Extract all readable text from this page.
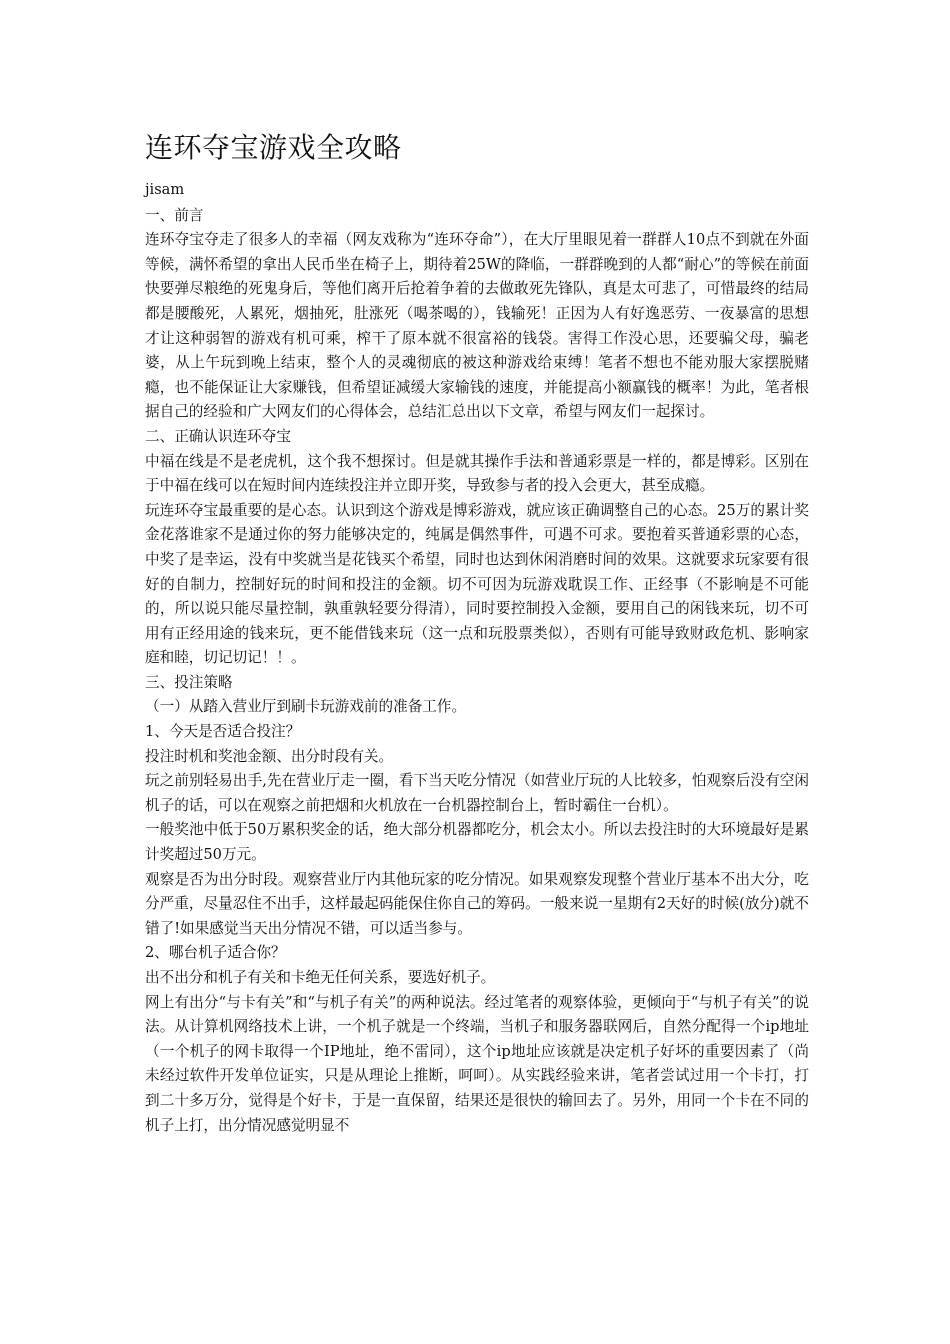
连环夺宝游戏全攻略

jisam

一、前言

连环夺宝夺走了很多人的幸福（网友戏称为“连环夺命”），在大厅里眼见着一群群人10点不到就在外面等候，满怀希望的拿出人民币坐在椅子上，期待着25W的降临，一群群晚到的人都“耐心”的等候在前面快要弹尽粮绝的死鬼身后，等他们离开后抢着争着的去做敢死先锋队，真是太可悲了，可惜最终的结局都是腰酸死，人累死，烟抽死，肚涨死（喝茶喝的），钱输死！正因为人有好逸恶劳、一夜暴富的思想才让这种弱智的游戏有机可乘，榨干了原本就不很富裕的钱袋。害得工作没心思，还要骗父母，骗老婆，从上午玩到晚上结束，整个人的灵魂彻底的被这种游戏给束缚！笔者不想也不能劝服大家摆脱赌瘾，也不能保证让大家赚钱，但希望证减缓大家输钱的速度，并能提高小额赢钱的概率！为此，笔者根据自己的经验和广大网友们的心得体会，总结汇总出以下文章，希望与网友们一起探讨。

二、正确认识连环夺宝

中福在线是不是老虎机，这个我不想探讨。但是就其操作手法和普通彩票是一样的，都是博彩。区别在于中福在线可以在短时间内连续投注并立即开奖，导致参与者的投入会更大，甚至成瘾。

玩连环夺宝最重要的是心态。认识到这个游戏是博彩游戏，就应该正确调整自己的心态。25万的累计奖金花落谁家不是通过你的努力能够决定的，纯属是偶然事件，可遇不可求。要抱着买普通彩票的心态，中奖了是幸运，没有中奖就当是花钱买个希望，同时也达到休闲消磨时间的效果。这就要求玩家要有很好的自制力，控制好玩的时间和投注的金额。切不可因为玩游戏耽误工作、正经事（不影响是不可能的，所以说只能尽量控制，孰重孰轻要分得清），同时要控制投入金额，要用自己的闲钱来玩，切不可用有正经用途的钱来玩，更不能借钱来玩（这一点和玩股票类似），否则有可能导致财政危机、影响家庭和睦，切记切记！！。

三、投注策略

（一）从踏入营业厅到刷卡玩游戏前的准备工作。

1、今天是否适合投注？

投注时机和奖池金额、出分时段有关。

玩之前别轻易出手,先在营业厅走一圈，看下当天吃分情况（如营业厅玩的人比较多，怕观察后没有空闲机子的话，可以在观察之前把烟和火机放在一台机器控制台上，暂时霸住一台机）。

一般奖池中低于50万累积奖金的话，绝大部分机器都吃分，机会太小。所以去投注时的大环境最好是累计奖超过50万元。

观察是否为出分时段。观察营业厅内其他玩家的吃分情况。如果观察发现整个营业厅基本不出大分，吃分严重，尽量忍住不出手，这样最起码能保住你自己的筹码。一般来说一星期有2天好的时候(放分)就不错了!如果感觉当天出分情况不错，可以适当参与。

2、哪台机子适合你？

出不出分和机子有关和卡绝无任何关系，要选好机子。

网上有出分“与卡有关”和“与机子有关”的两种说法。经过笔者的观察体验，更倾向于“与机子有关”的说法。从计算机网络技术上讲，一个机子就是一个终端，当机子和服务器联网后，自然分配得一个ip地址（一个机子的网卡取得一个IP地址，绝不雷同），这个ip地址应该就是决定机子好坏的重要因素了（尚未经过软件开发单位证实，只是从理论上推断，呵呵）。从实践经验来讲，笔者尝试过用一个卡打，打到二十多万分，觉得是个好卡，于是一直保留，结果还是很快的输回去了。另外，用同一个卡在不同的机子上打，出分情况感觉明显不
